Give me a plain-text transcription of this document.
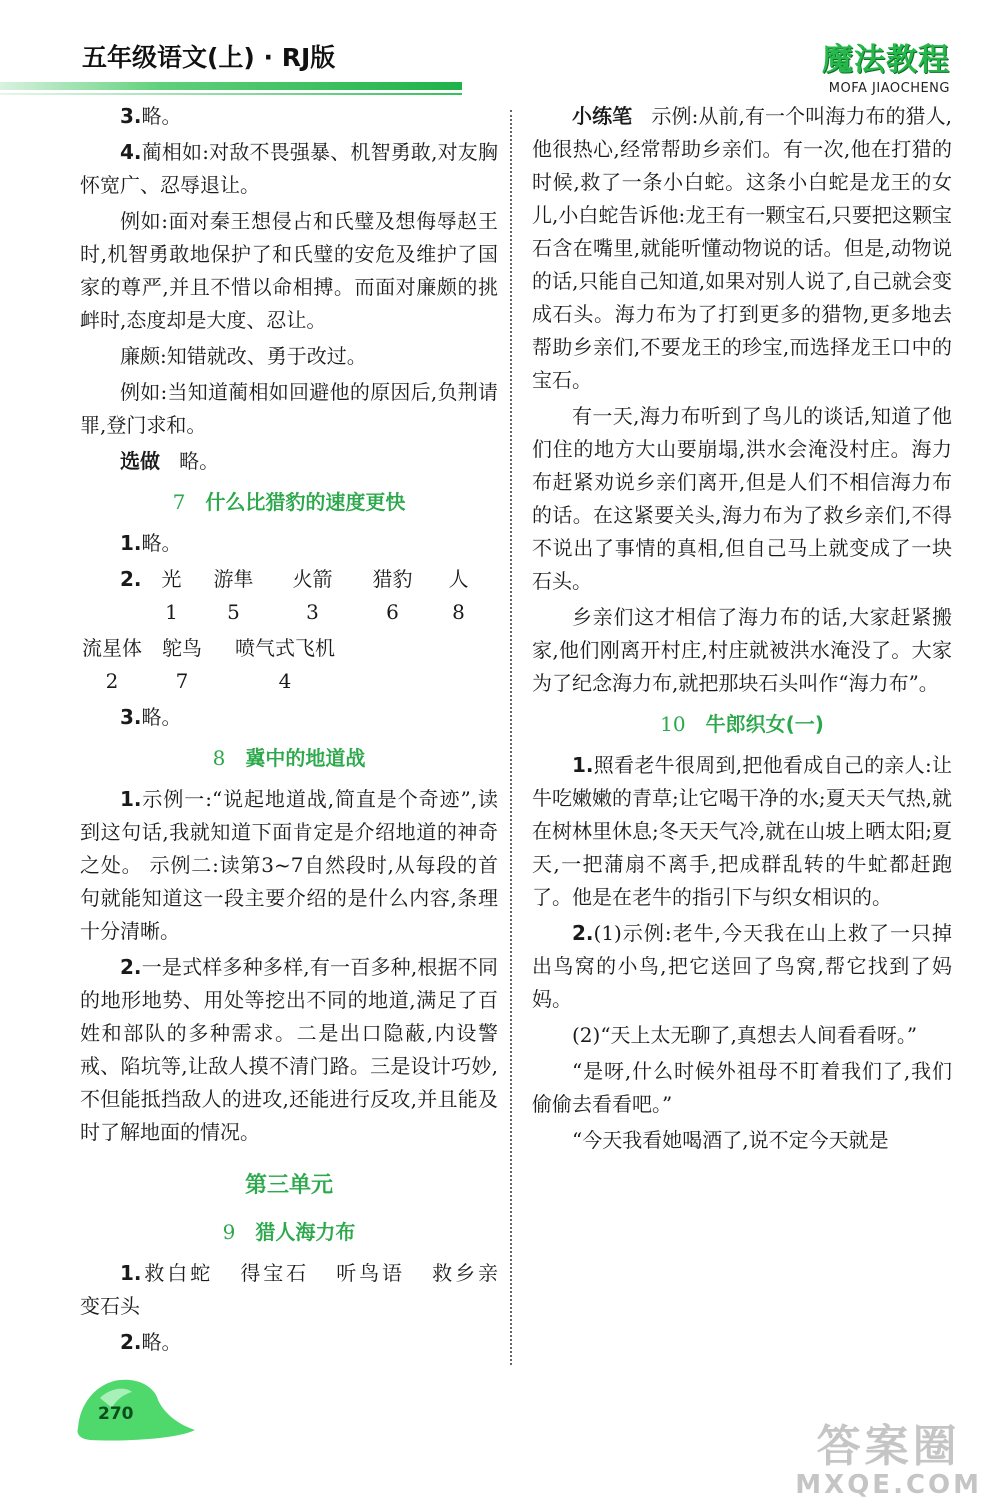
五年级语文(上) · RJ版	魔法教程
MOFA JIAOCHENG

3.略。

4.蔺相如:对敌不畏强暴、机智勇敢,对友胸怀宽广、忍辱退让。

例如:面对秦王想侵占和氏璧及想侮辱赵王时,机智勇敢地保护了和氏璧的安危及维护了国家的尊严,并且不惜以命相搏。而面对廉颇的挑衅时,态度却是大度、忍让。

廉颇:知错就改、勇于改过。

例如:当知道蔺相如回避他的原因后,负荆请罪,登门求和。

选做 略。

7 什么比猎豹的速度更快

1.略。

2.	光
1
游隼
5
火箭
3
猎豹
6
人
8
流星体
2
鸵鸟
7
喷气式飞机
4

3.略。

8 冀中的地道战

1.示例一:“说起地道战,简直是个奇迹”,读到这句话,我就知道下面肯定是介绍地道的神奇之处。 示例二:读第3~7自然段时,从每段的首句就能知道这一段主要介绍的是什么内容,条理十分清晰。

2.一是式样多种多样,有一百多种,根据不同的地形地势、用处等挖出不同的地道,满足了百姓和部队的多种需求。二是出口隐蔽,内设警戒、陷坑等,让敌人摸不清门路。三是设计巧妙,不但能抵挡敌人的进攻,还能进行反攻,并且能及时了解地面的情况。

第三单元
9 猎人海力布

1.救白蛇 得宝石 听鸟语 救乡亲 变石头

2.略。

小练笔 示例:从前,有一个叫海力布的猎人,他很热心,经常帮助乡亲们。有一次,他在打猎的时候,救了一条小白蛇。这条小白蛇是龙王的女儿,小白蛇告诉他:龙王有一颗宝石,只要把这颗宝石含在嘴里,就能听懂动物说的话。但是,动物说的话,只能自己知道,如果对别人说了,自己就会变成石头。海力布为了打到更多的猎物,更多地去帮助乡亲们,不要龙王的珍宝,而选择龙王口中的宝石。

有一天,海力布听到了鸟儿的谈话,知道了他们住的地方大山要崩塌,洪水会淹没村庄。海力布赶紧劝说乡亲们离开,但是人们不相信海力布的话。在这紧要关头,海力布为了救乡亲们,不得不说出了事情的真相,但自己马上就变成了一块石头。

乡亲们这才相信了海力布的话,大家赶紧搬家,他们刚离开村庄,村庄就被洪水淹没了。大家为了纪念海力布,就把那块石头叫作“海力布”。

10 牛郎织女(一)

1.照看老牛很周到,把他看成自己的亲人:让牛吃嫩嫩的青草;让它喝干净的水;夏天天气热,就在树林里休息;冬天天气冷,就在山坡上晒太阳;夏天,一把蒲扇不离手,把成群乱转的牛虻都赶跑了。他是在老牛的指引下与织女相识的。

2.(1)示例:老牛,今天我在山上救了一只掉出鸟窝的小鸟,把它送回了鸟窝,帮它找到了妈妈。

(2)“天上太无聊了,真想去人间看看呀。”

“是呀,什么时候外祖母不盯着我们了,我们偷偷去看看吧。”

“今天我看她喝酒了,说不定今天就是

270
答案圈
MXQE.COM
